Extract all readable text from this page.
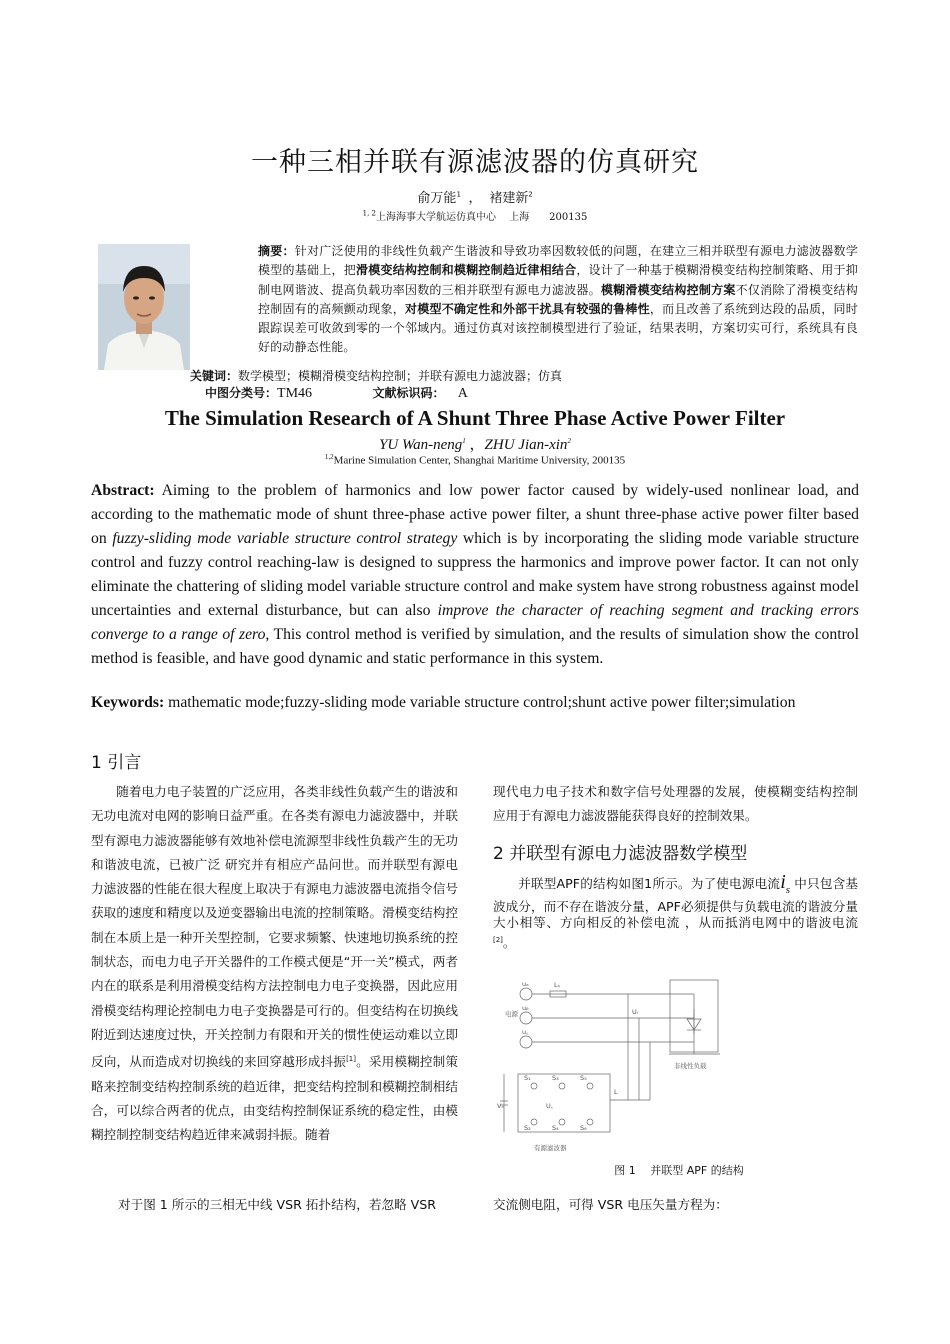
一种三相并联有源滤波器的仿真研究
俞万能$^1$ ， 褚建新$^2$
$^{1, 2}$上海海事大学航运仿真中心　 上海　　200135
摘要：针对广泛使用的非线性负载产生谐波和导致功率因数较低的问题，在建立三相并联型有源电力滤波器数学模型的基础上，把滑模变结构控制和模糊控制趋近律相结合，设计了一种基于模糊滑模变结构控制策略、用于抑制电网谐波、提高负载功率因数的三相并联型有源电力滤波器。模糊滑模变结构控制方案不仅消除了滑模变结构控制固有的高频颤动现象，对模型不确定性和外部干扰具有较强的鲁棒性，而且改善了系统到达段的品质，同时跟踪误差可收敛到零的一个邻域内。通过仿真对该控制模型进行了验证，结果表明，方案切实可行，系统具有良好的动静态性能。
关键词：数学模型；模糊滑模变结构控制；并联有源电力滤波器；仿真
中图分类号：TM46	文献标识码： A
The Simulation Research of A Shunt Three Phase Active Power Filter
YU Wan-neng$^1$ ，ZHU Jian-xin$^2$
$^{1,2}$Marine Simulation Center, Shanghai Maritime University, 200135
Abstract: Aiming to the problem of harmonics and low power factor caused by widely-used nonlinear load, and according to the mathematic mode of shunt three-phase active power filter, a shunt three-phase active power filter based on fuzzy-sliding mode variable structure control strategy which is by incorporating the sliding mode variable structure control and fuzzy control reaching-law is designed to suppress the harmonics and improve power factor. It can not only eliminate the chattering of sliding model variable structure control and make system have strong robustness against model uncertainties and external disturbance, but can also improve the character of reaching segment and tracking errors converge to a range of zero, This control method is verified by simulation, and the results of simulation show the control method is feasible, and have good dynamic and static performance in this system.
Keywords: mathematic mode;fuzzy-sliding mode variable structure control;shunt active power filter;simulation
1 引言
随着电力电子装置的广泛应用，各类非线性负载产生的谐波和无功电流对电网的影响日益严重。在各类有源电力滤波器中，并联型有源电力滤波器能够有效地补偿电流源型非线性负载产生的无功和谐波电流，已被广泛 研究并有相应产品问世。而并联型有源电力滤波器的性能在很大程度上取决于有源电力滤波器电流指令信号获取的速度和精度以及逆变器输出电流的控制策略。滑模变结构控制在本质上是一种开关型控制，它要求频繁、快速地切换系统的控制状态，而电力电子开关器件的工作模式便是“开一关”模式，两者内在的联系是利用滑模变结构方法控制电力电子变换器，因此应用滑模变结构理论控制电力电子变换器是可行的。但变结构在切换线附近到达速度过快，开关控制力有限和开关的惯性使运动难以立即反向，从而造成对切换线的来回穿越形成抖振[1]。采用模糊控制策略来控制变结构控制系统的趋近律，把变结构控制和模糊控制相结合，可以综合两者的优点，由变结构控制保证系统的稳定性，由模糊控制控制变结构趋近律来减弱抖振。随着
现代电力电子技术和数字信号处理器的发展，使模糊变结构控制应用于有源电力滤波器能获得良好的控制效果。
2 并联型有源电力滤波器数学模型
并联型APF的结构如图1所示。为了使电源电流$i_s$ 中只包含基波成分，而不存在谐波分量，APF必须提供与负载电流的谐波分量大小相等、方向相反的补偿电流 ，从而抵消电网中的谐波电流[2]。
电源
uₐ
uᵦ
u꜀
Lₛ
Uₗ
非线性负载
有源滤波器
Vₙ
L
U꜀
S₁	S₃	S₅
S₂	S₄	S₆
图 1　 并联型 APF 的结构
对于图 1 所示的三相无中线 VSR 拓扑结构，若忽略 VSR	交流侧电阻，可得 VSR 电压矢量方程为：
